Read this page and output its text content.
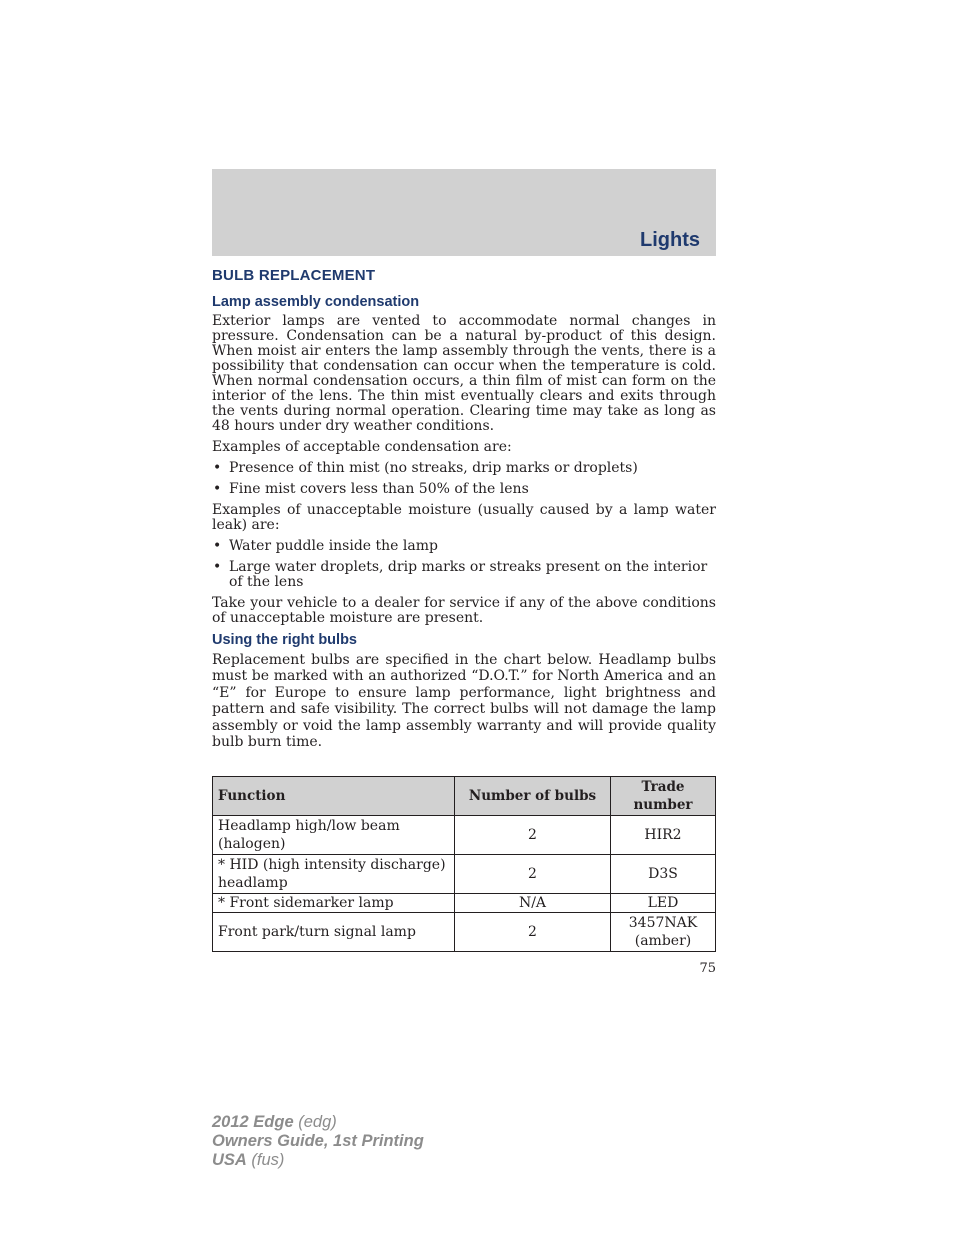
Lights
BULB REPLACEMENT
Lamp assembly condensation

Exterior lamps are vented to accommodate normal changes in pressure. Condensation can be a natural by-product of this design. When moist air enters the lamp assembly through the vents, there is a possibility that condensation can occur when the temperature is cold. When normal condensation occurs, a thin film of mist can form on the interior of the lens. The thin mist eventually clears and exits through the vents during normal operation. Clearing time may take as long as 48 hours under dry weather conditions.

Examples of acceptable condensation are:

• Presence of thin mist (no streaks, drip marks or droplets)
• Fine mist covers less than 50% of the lens

Examples of unacceptable moisture (usually caused by a lamp water leak) are:

• Water puddle inside the lamp
• Large water droplets, drip marks or streaks present on the interior of the lens

Take your vehicle to a dealer for service if any of the above conditions of unacceptable moisture are present.

Using the right bulbs

Replacement bulbs are specified in the chart below. Headlamp bulbs must be marked with an authorized “D.O.T.” for North America and an “E” for Europe to ensure lamp performance, light brightness and pattern and safe visibility. The correct bulbs will not damage the lamp assembly or void the lamp assembly warranty and will provide quality bulb burn time.

Function	Number of bulbs	Trade number
Headlamp high/low beam (halogen)	2	HIR2
* HID (high intensity discharge) headlamp	2	D3S
* Front sidemarker lamp	N/A	LED
Front park/turn signal lamp	2	3457NAK (amber)
75
2012 Edge (edg)
Owners Guide, 1st Printing
USA (fus)
